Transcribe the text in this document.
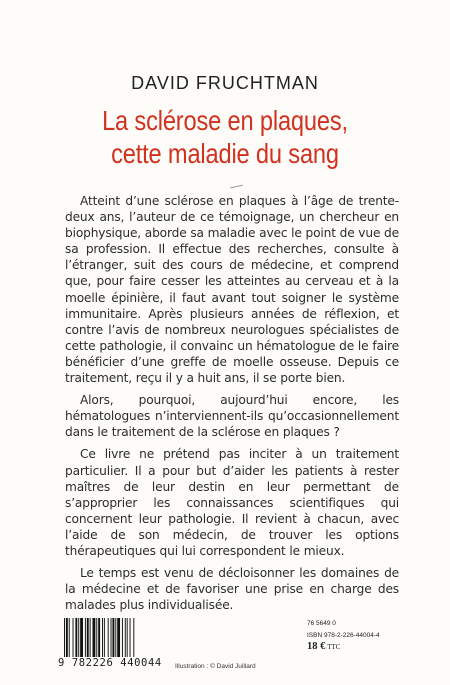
DAVID FRUCHTMAN
La sclérose en plaques,
cette maladie du sang

Atteint d’une sclérose en plaques à l’âge de trente-deux ans, l’auteur de ce témoignage, un chercheur en biophysique, aborde sa maladie avec le point de vue de sa profession. Il effectue des recherches, consulte à l’étranger, suit des cours de médecine, et comprend que, pour faire cesser les atteintes au cerveau et à la moelle épinière, il faut avant tout soigner le système immunitaire. Après plusieurs années de réflexion, et contre l’avis de nombreux neurologues spécialistes de cette pathologie, il convainc un hématologue de le faire bénéficier d’une greffe de moelle osseuse. Depuis ce traitement, reçu il y a huit ans, il se porte bien.

Alors, pourquoi, aujourd’hui encore, les hématologues n’interviennent-ils qu’occasionnellement dans le traitement de la sclérose en plaques ?

Ce livre ne prétend pas inciter à un traitement particulier. Il a pour but d’aider les patients à rester maîtres de leur destin en leur permettant de s’approprier les connaissances scientifiques qui concernent leur pathologie. Il revient à chacun, avec l’aide de son médecin, de trouver les options thérapeutiques qui lui correspondent le mieux.

Le temps est venu de décloisonner les domaines de la médecine et de favoriser une prise en charge des malades plus individualisée.

9 782226 440044	Illustration : © David Juillard
76 5649 0
ISBN 978-2-226-44004-4
18 € TTC
